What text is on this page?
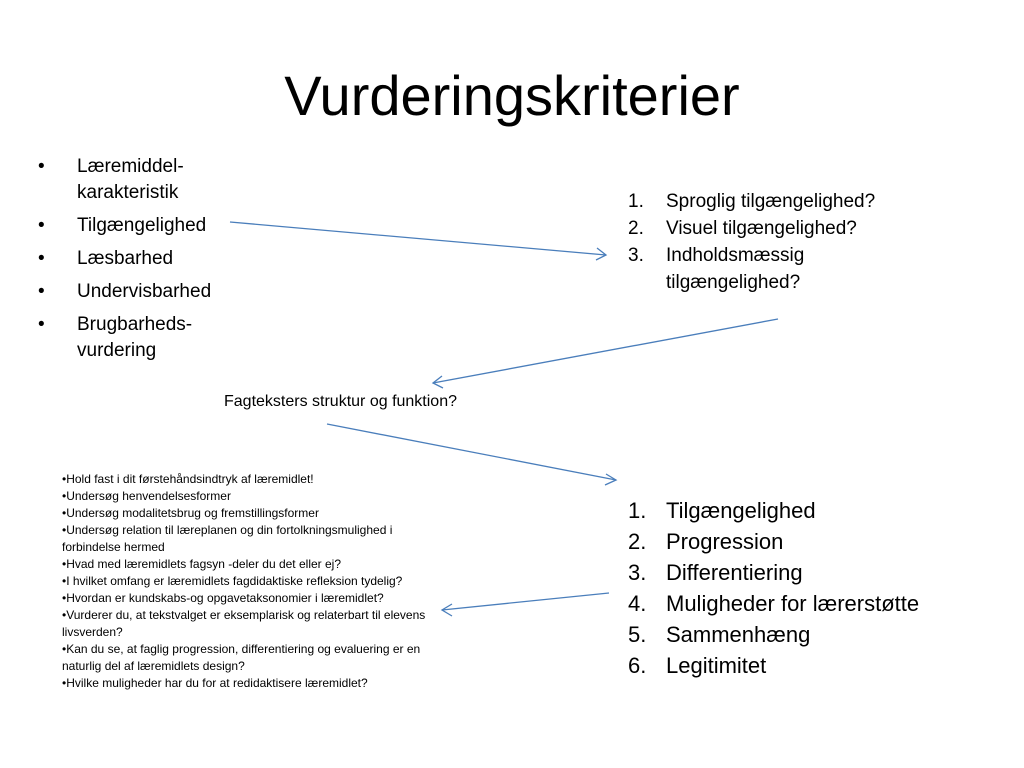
Vurderingskriterier
• Læremiddel-karakteristik
• Tilgængelighed
• Læsbarhed
• Undervisbarhed
• Brugbarheds-vurdering
1. Sproglig tilgængelighed?
2. Visuel tilgængelighed?
3. Indholdsmæssig tilgængelighed?
Fagteksters struktur og funktion?
1. Tilgængelighed
2. Progression
3. Differentiering
4. Muligheder for lærerstøtte
5. Sammenhæng
6. Legitimitet
•Hold fast i dit førstehåndsindtryk af læremidlet!
•Undersøg henvendelsesformer
•Undersøg modalitetsbrug og fremstillingsformer
•Undersøg relation til læreplanen og din fortolkningsmulighed i forbindelse hermed
•Hvad med læremidlets fagsyn -deler du det eller ej?
•I hvilket omfang er læremidlets fagdidaktiske refleksion tydelig?
•Hvordan er kundskabs-og opgavetaksonomier i læremidlet?
•Vurderer du, at tekstvalget er eksemplarisk og relaterbart til elevens livsverden?
•Kan du se, at faglig progression, differentiering og evaluering er en naturlig del af læremidlets design?
•Hvilke muligheder har du for at redidaktisere læremidlet?
